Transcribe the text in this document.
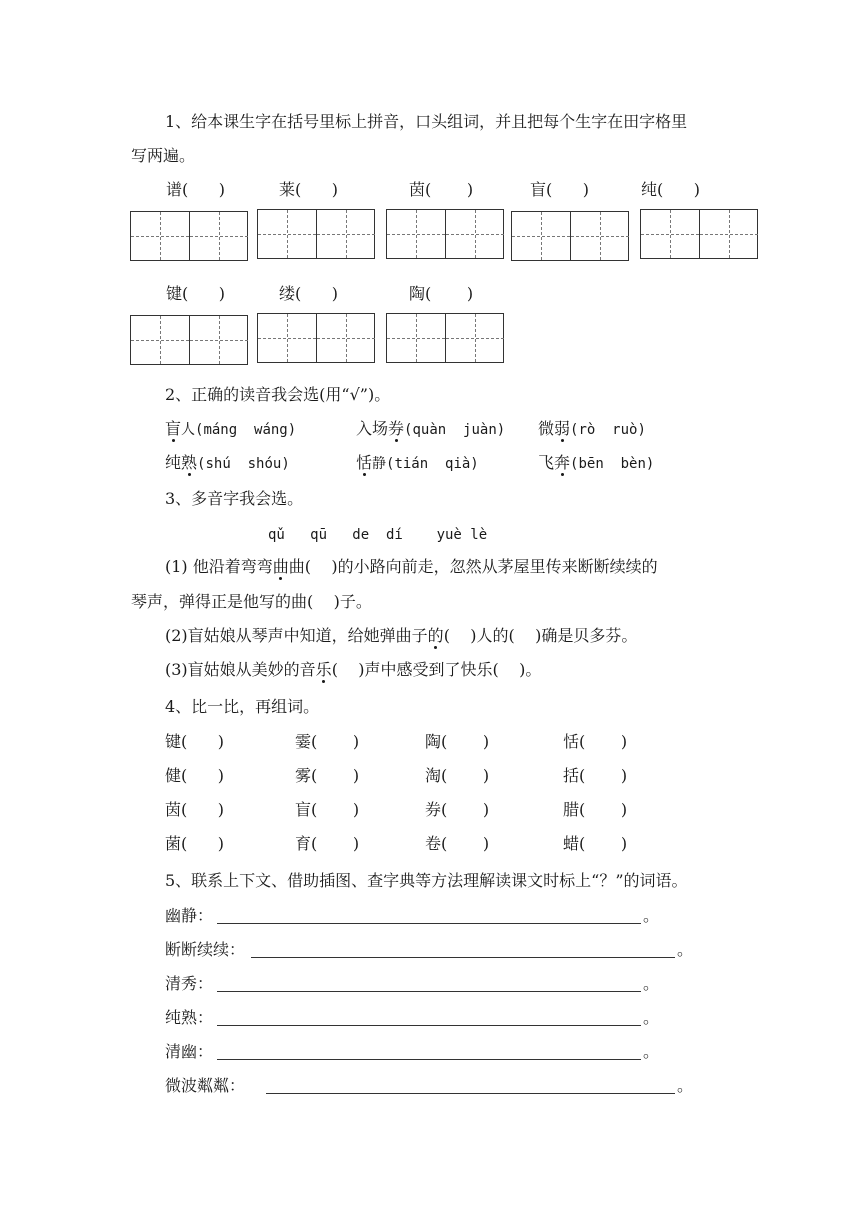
1、给本课生字在括号里标上拼音，口头组词，并且把每个生字在田字格里
写两遍。
谱(      )	莱(      )	茵(       )	盲(      )	纯(      )
键(      )	缕(      )	陶(       )
2、正确的读音我会选(用“√”)。
盲人(máng  wáng)	入场券(quàn  juàn) 微弱(rò  ruò)
纯熟(shú  shóu)	恬静(tián  qià)	飞奔(bēn  bèn)
3、多音字我会选。
qǔ   qū   de  dí    yuè lè
(1) 他沿着弯弯曲曲(    )的小路向前走，忽然从茅屋里传来断断续续的
琴声，弹得正是他写的曲(    )子。
(2)盲姑娘从琴声中知道，给她弹曲子的(    )人的(    )确是贝多芬。
(3)盲姑娘从美妙的音乐(    )声中感受到了快乐(    )。
4、比一比，再组词。
键(      )	霎(       )	陶(       )	恬(       )
健(      )	雾(       )	淘(       )	括(       )
茵(      )	盲(       )	券(       )	腊(       )
菌(      )	育(       )	卷(       )	蜡(       )
5、联系上下文、借助插图、查字典等方法理解读课文时标上“？”的词语。
幽静：	。
断断续续：	。
清秀：	。
纯熟：	。
清幽：	。
微波粼粼：	。
